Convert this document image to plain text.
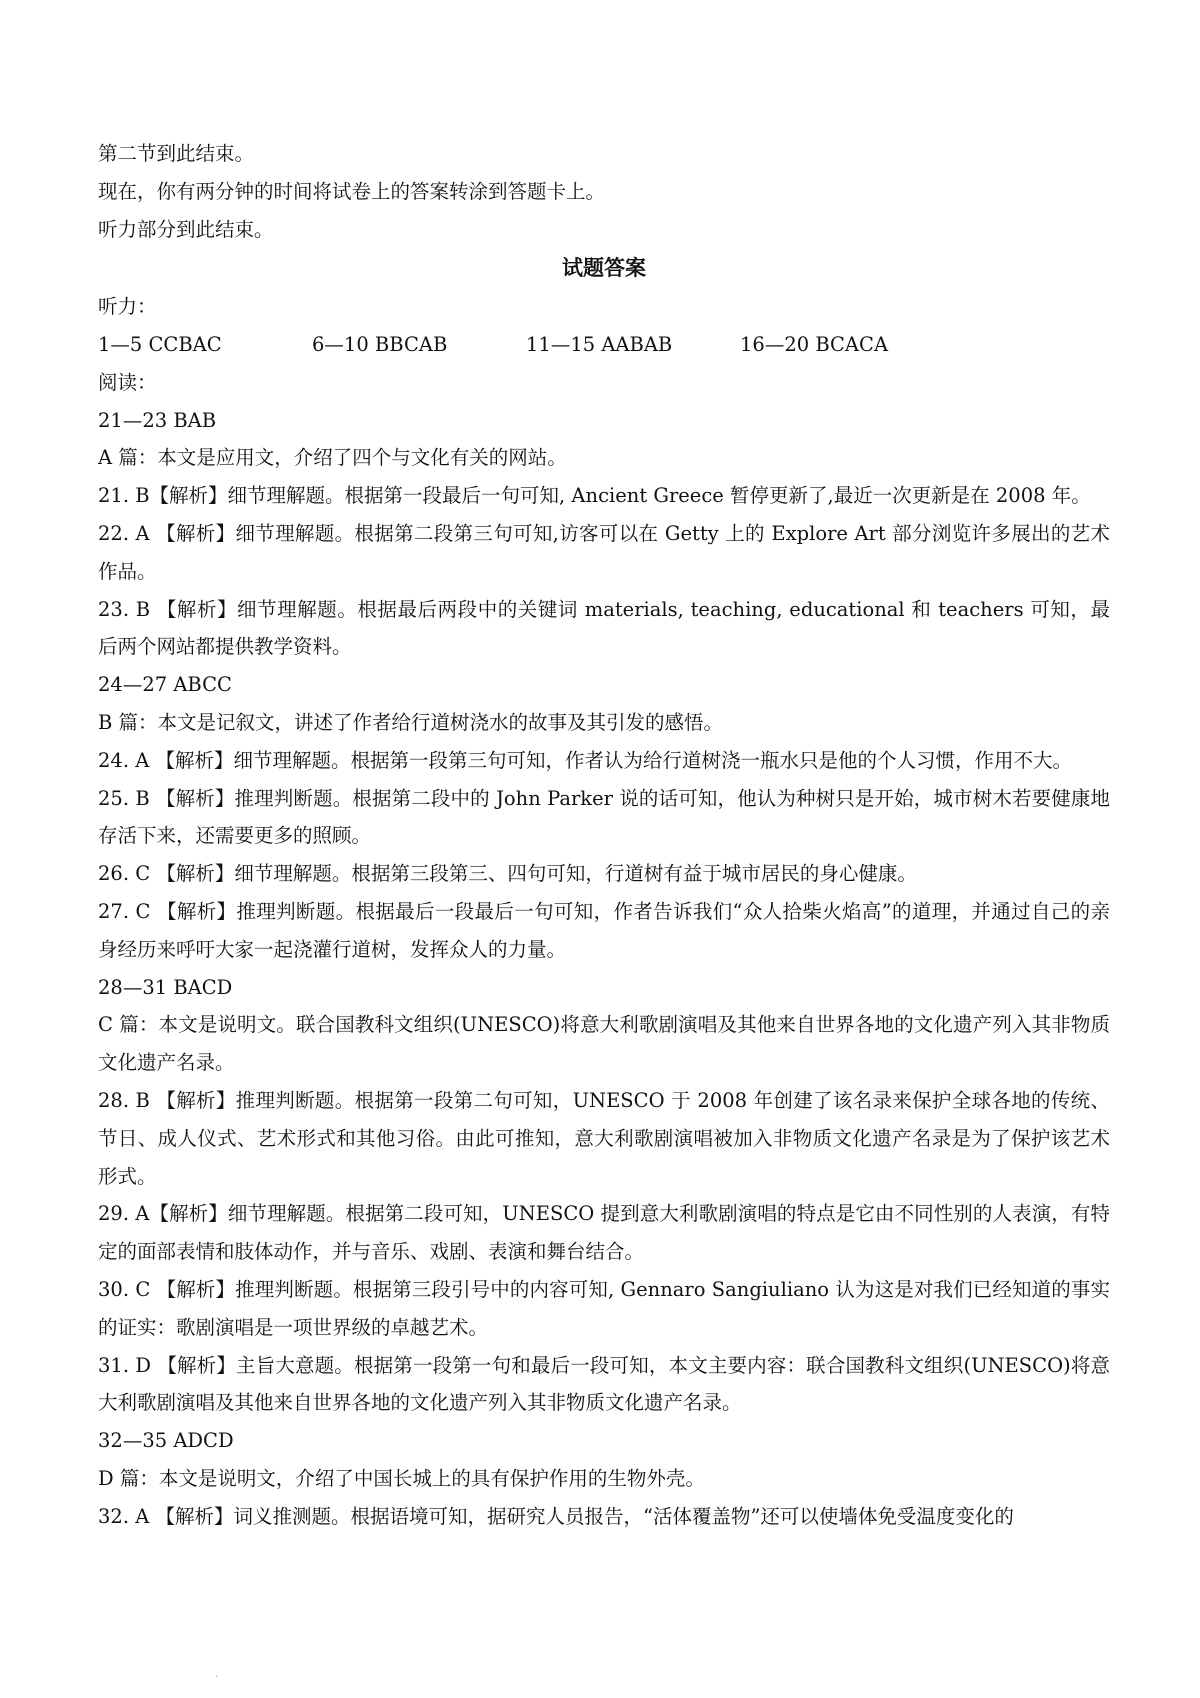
第二节到此结束。
现在，你有两分钟的时间将试卷上的答案转涂到答题卡上。
听力部分到此结束。
试题答案
听力：
1—5 CCBAC	6—10 BBCAB	11—15 AABAB	16—20 BCACA
阅读：
21—23 BAB
A 篇：本文是应用文，介绍了四个与文化有关的网站。
21. B【解析】细节理解题。根据第一段最后一句可知, Ancient Greece 暂停更新了,最近一次更新是在 2008 年。
22. A 【解析】细节理解题。根据第二段第三句可知,访客可以在 Getty 上的 Explore Art 部分浏览许多展出的艺术作品。
23. B 【解析】细节理解题。根据最后两段中的关键词 materials, teaching, educational 和 teachers 可知，最后两个网站都提供教学资料。
24—27 ABCC
B 篇：本文是记叙文，讲述了作者给行道树浇水的故事及其引发的感悟。
24. A 【解析】细节理解题。根据第一段第三句可知，作者认为给行道树浇一瓶水只是他的个人习惯，作用不大。
25. B 【解析】推理判断题。根据第二段中的 John Parker 说的话可知，他认为种树只是开始，城市树木若要健康地存活下来，还需要更多的照顾。
26. C 【解析】细节理解题。根据第三段第三、四句可知，行道树有益于城市居民的身心健康。
27. C 【解析】推理判断题。根据最后一段最后一句可知，作者告诉我们“众人拾柴火焰高”的道理，并通过自己的亲身经历来呼吁大家一起浇灌行道树，发挥众人的力量。
28—31 BACD
C 篇：本文是说明文。联合国教科文组织(UNESCO)将意大利歌剧演唱及其他来自世界各地的文化遗产列入其非物质文化遗产名录。
28. B 【解析】推理判断题。根据第一段第二句可知，UNESCO 于 2008 年创建了该名录来保护全球各地的传统、节日、成人仪式、艺术形式和其他习俗。由此可推知，意大利歌剧演唱被加入非物质文化遗产名录是为了保护该艺术形式。
29. A【解析】细节理解题。根据第二段可知，UNESCO 提到意大利歌剧演唱的特点是它由不同性别的人表演，有特定的面部表情和肢体动作，并与音乐、戏剧、表演和舞台结合。
30. C 【解析】推理判断题。根据第三段引号中的内容可知, Gennaro Sangiuliano 认为这是对我们已经知道的事实的证实：歌剧演唱是一项世界级的卓越艺术。
31. D 【解析】主旨大意题。根据第一段第一句和最后一段可知，本文主要内容：联合国教科文组织(UNESCO)将意大利歌剧演唱及其他来自世界各地的文化遗产列入其非物质文化遗产名录。
32—35 ADCD
D 篇：本文是说明文，介绍了中国长城上的具有保护作用的生物外壳。
32. A 【解析】词义推测题。根据语境可知，据研究人员报告，“活体覆盖物”还可以使墙体免受温度变化的
·
